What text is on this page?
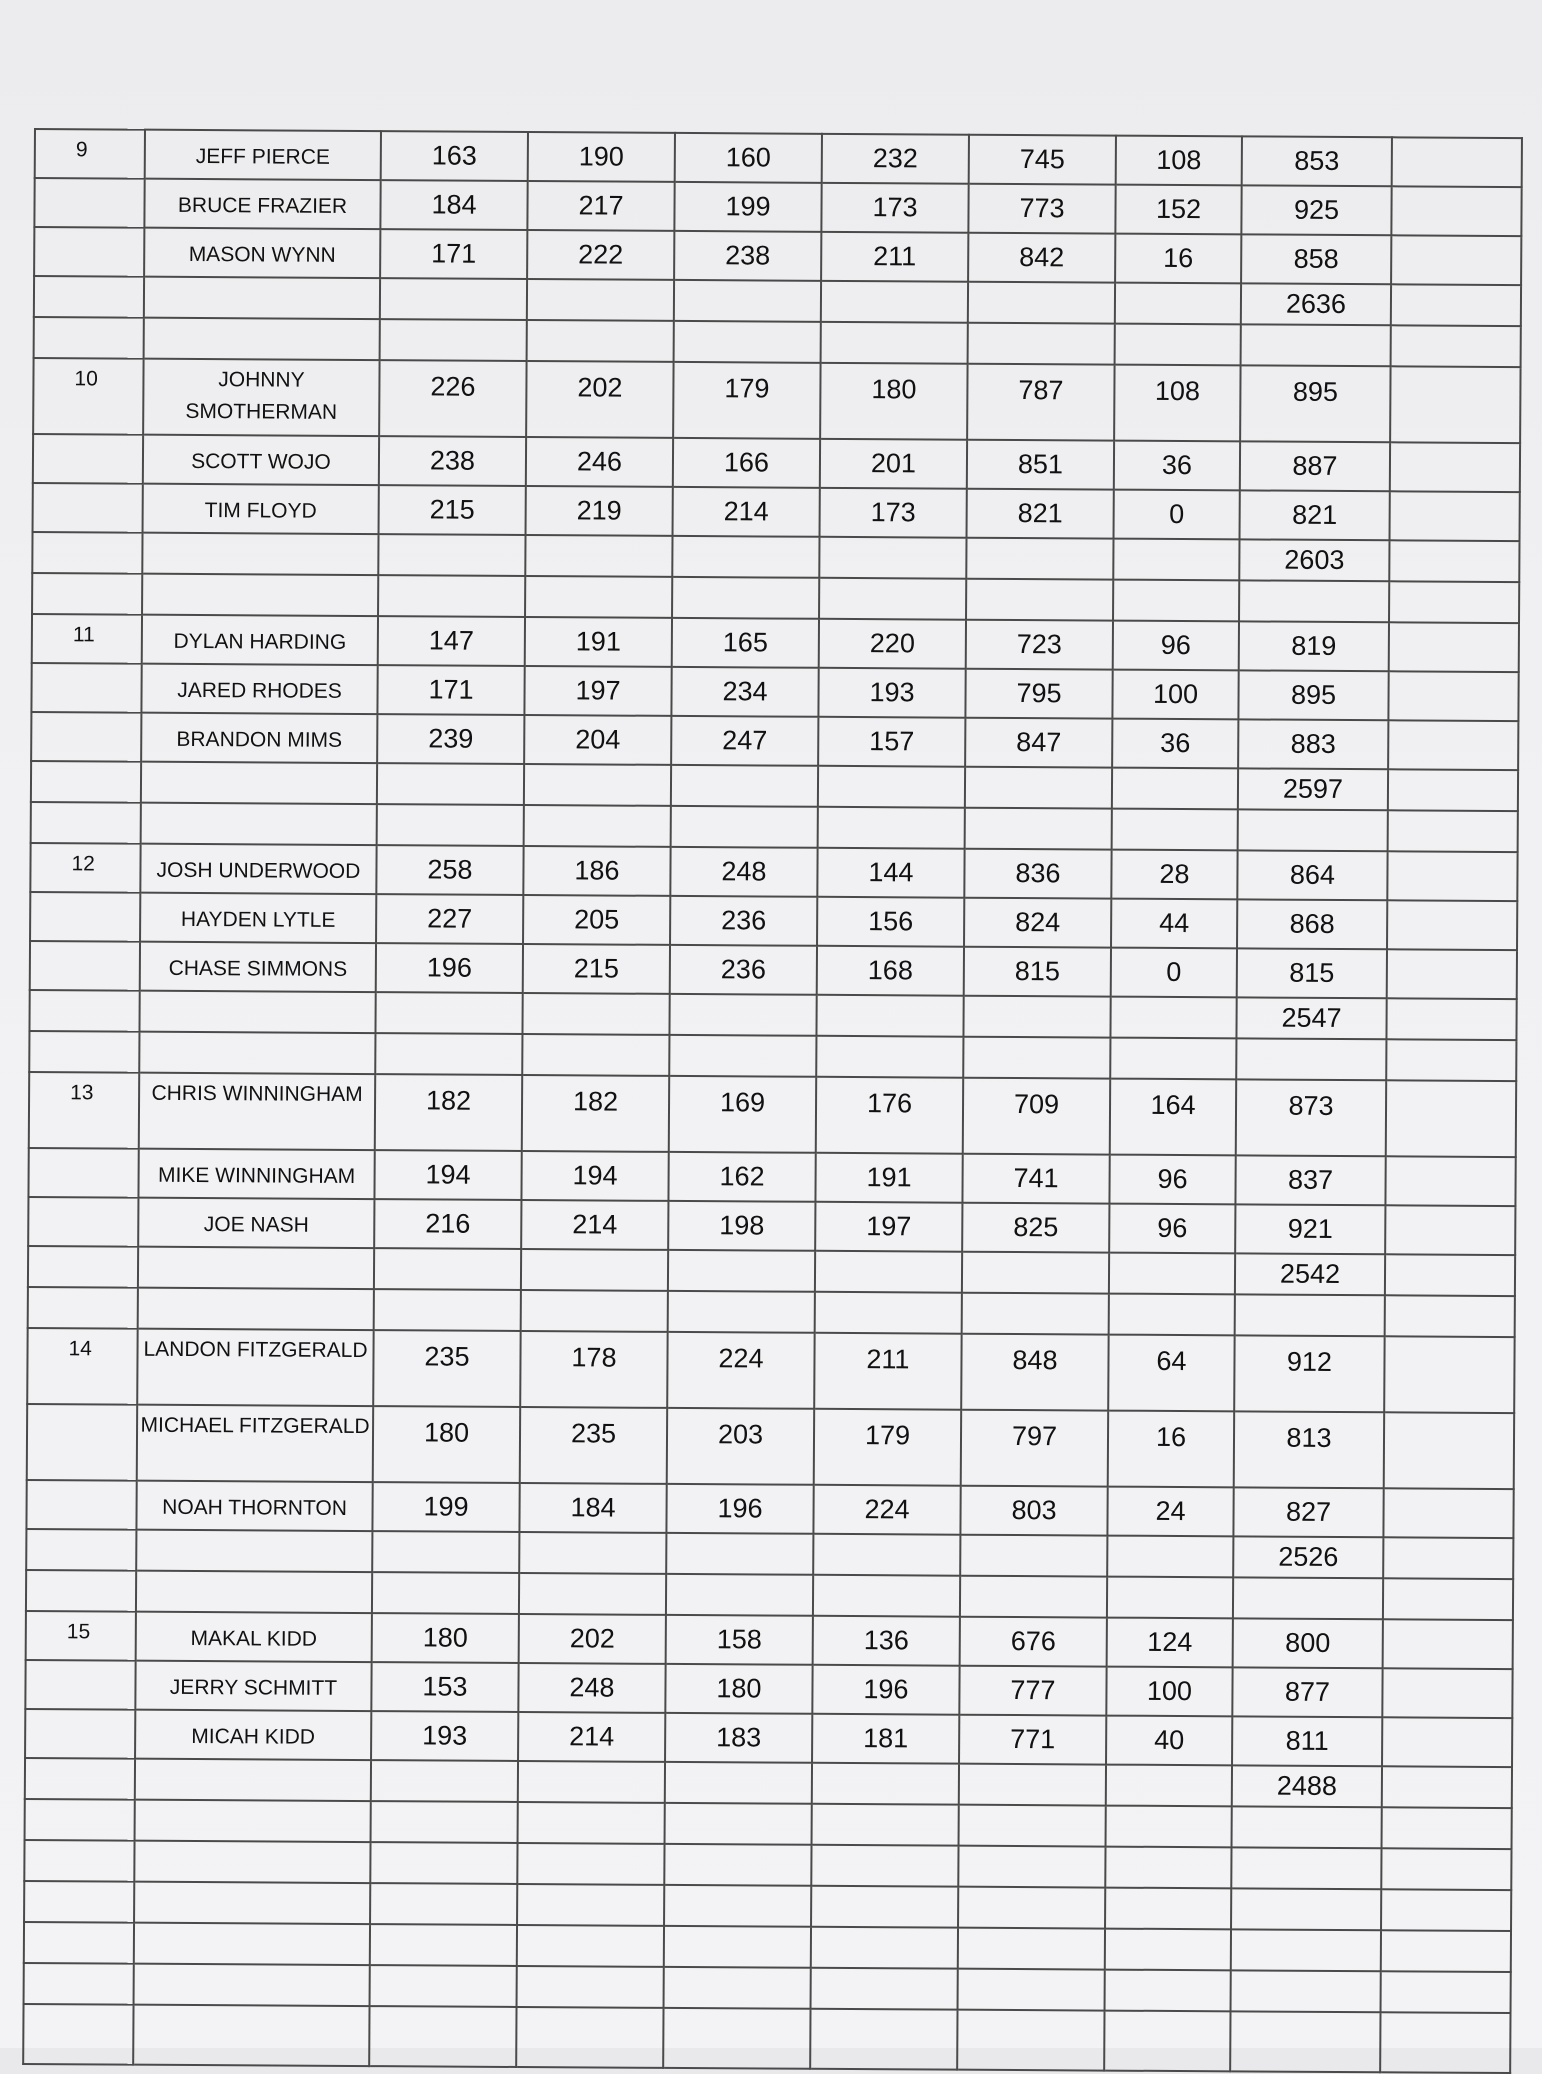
9	JEFF PIERCE	163	190	160	232	745	108	853	
	BRUCE FRAZIER	184	217	199	173	773	152	925	
	MASON WYNN	171	222	238	211	842	16	858	
								2636	

10	JOHNNY SMOTHERMAN	226	202	179	180	787	108	895	
	SCOTT WOJO	238	246	166	201	851	36	887	
	TIM FLOYD	215	219	214	173	821	0	821	
								2603	

11	DYLAN HARDING	147	191	165	220	723	96	819	
	JARED RHODES	171	197	234	193	795	100	895	
	BRANDON MIMS	239	204	247	157	847	36	883	
								2597	

12	JOSH UNDERWOOD	258	186	248	144	836	28	864	
	HAYDEN LYTLE	227	205	236	156	824	44	868	
	CHASE SIMMONS	196	215	236	168	815	0	815	
								2547	

13	CHRIS WINNINGHAM	182	182	169	176	709	164	873	
	MIKE WINNINGHAM	194	194	162	191	741	96	837	
	JOE NASH	216	214	198	197	825	96	921	
								2542	

14	LANDON FITZGERALD	235	178	224	211	848	64	912	
	MICHAEL FITZGERALD	180	235	203	179	797	16	813	
	NOAH THORNTON	199	184	196	224	803	24	827	
								2526	

15	MAKAL KIDD	180	202	158	136	676	124	800	
	JERRY SCHMITT	153	248	180	196	777	100	877	
	MICAH KIDD	193	214	183	181	771	40	811	
								2488	
